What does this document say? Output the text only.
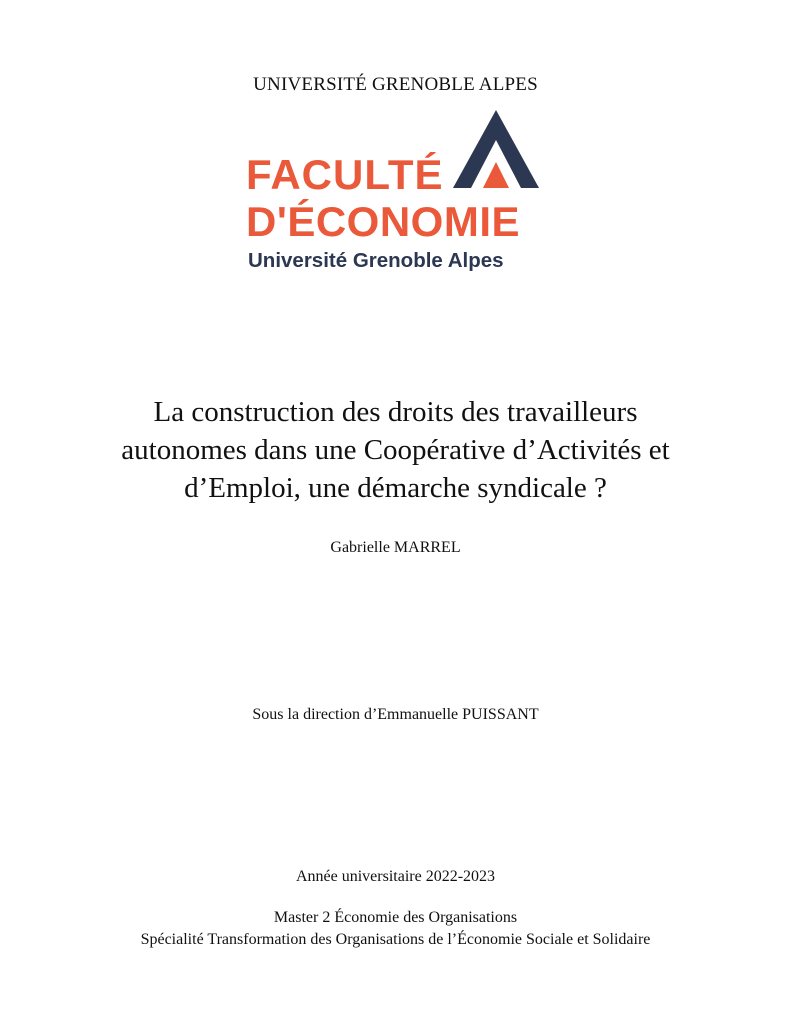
UNIVERSITÉ GRENOBLE ALPES
FACULTÉ
D'ÉCONOMIE
Université Grenoble Alpes
La construction des droits des travailleurs
autonomes dans une Coopérative d’Activités et
d’Emploi, une démarche syndicale ?
Gabrielle MARREL
Sous la direction d’Emmanuelle PUISSANT
Année universitaire 2022-2023
Master 2 Économie des Organisations
Spécialité Transformation des Organisations de l’Économie Sociale et Solidaire
